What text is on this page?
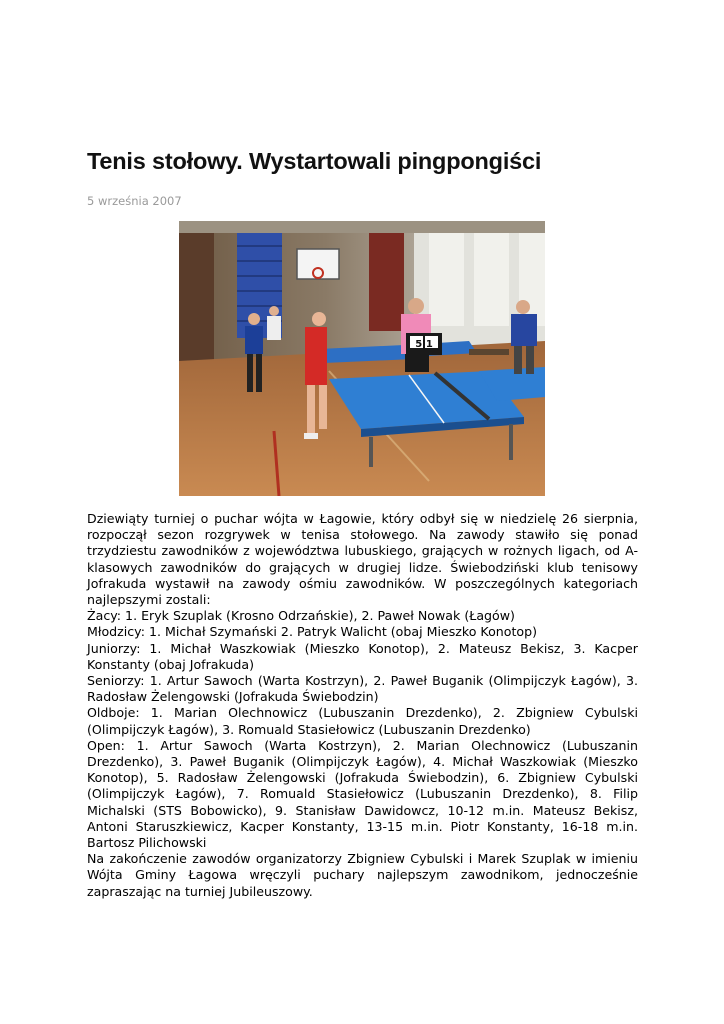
Tenis stołowy. Wystartowali pingpongiści
5 września 2007
5|1

Dziewiąty turniej o puchar wójta w Łagowie, który odbył się w niedzielę 26 sierpnia, rozpoczął sezon rozgrywek w tenisa stołowego. Na zawody stawiło się ponad trzydziestu zawodników z województwa lubuskiego, grających w rożnych ligach, od A-klasowych zawodników do grających w drugiej lidze. Świebodziński klub tenisowy Jofrakuda wystawił na zawody ośmiu zawodników. W poszczególnych kategoriach najlepszymi zostali:

Żacy: 1. Eryk Szuplak (Krosno Odrzańskie), 2. Paweł Nowak (Łagów)

Młodzicy: 1. Michał Szymański 2. Patryk Walicht (obaj Mieszko Konotop)

Juniorzy: 1. Michał Waszkowiak (Mieszko Konotop), 2. Mateusz Bekisz, 3. Kacper Konstanty (obaj Jofrakuda)

Seniorzy: 1. Artur Sawoch (Warta Kostrzyn), 2. Paweł Buganik (Olimpijczyk Łagów), 3. Radosław Żelengowski (Jofrakuda Świebodzin)

Oldboje: 1. Marian Olechnowicz (Lubuszanin Drezdenko), 2. Zbigniew Cybulski (Olimpijczyk Łagów), 3. Romuald Stasiełowicz (Lubuszanin Drezdenko)

Open: 1. Artur Sawoch (Warta Kostrzyn), 2. Marian Olechnowicz (Lubuszanin Drezdenko), 3. Paweł Buganik (Olimpijczyk Łagów), 4. Michał Waszkowiak (Mieszko Konotop), 5. Radosław Żelengowski (Jofrakuda Świebodzin), 6. Zbigniew Cybulski (Olimpijczyk Łagów), 7. Romuald Stasiełowicz (Lubuszanin Drezdenko), 8. Filip Michalski (STS Bobowicko), 9. Stanisław Dawidowcz, 10-12 m.in. Mateusz Bekisz, Antoni Staruszkiewicz, Kacper Konstanty, 13-15 m.in. Piotr Konstanty, 16-18 m.in. Bartosz Pilichowski

Na zakończenie zawodów organizatorzy Zbigniew Cybulski i Marek Szuplak w imieniu Wójta Gminy Łagowa wręczyli puchary najlepszym zawodnikom, jednocześnie zapraszając na turniej Jubileuszowy.
